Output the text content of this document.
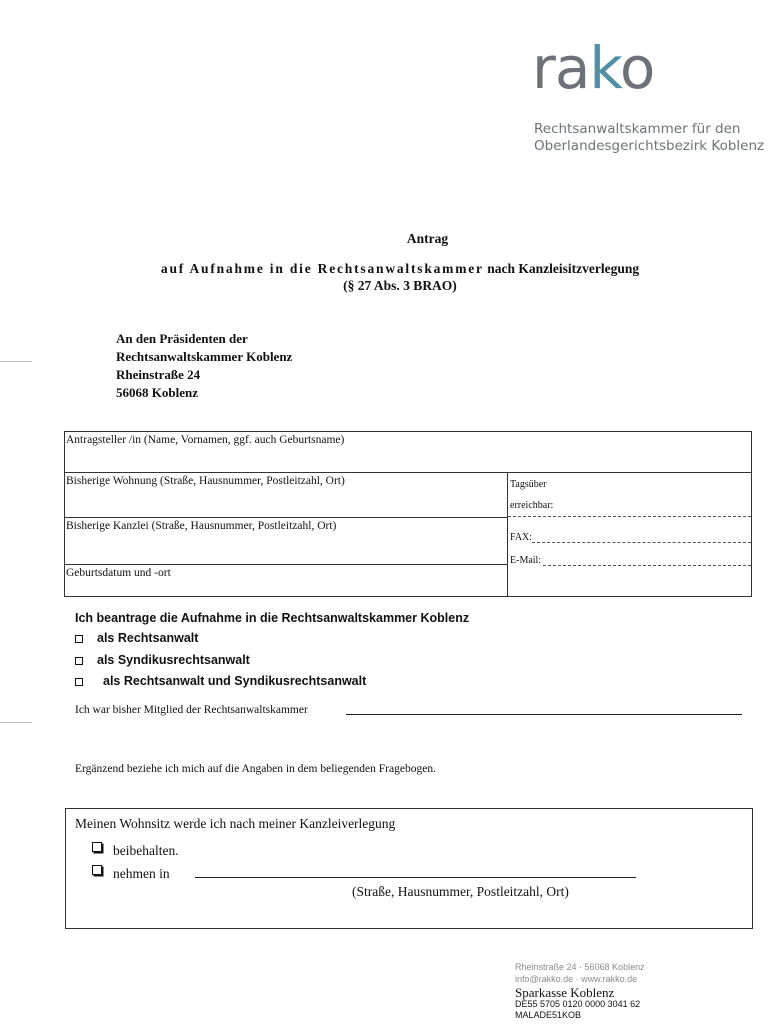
rako
Rechtsanwaltskammer für den
Oberlandesgerichtsbezirk Koblenz
Antrag
auf Aufnahme in die Rechtsanwaltskammer nach Kanzleisitzverlegung
(§ 27 Abs. 3 BRAO)
An den Präsidenten der
Rechtsanwaltskammer Koblenz
Rheinstraße 24
56068 Koblenz
Antragsteller /in (Name, Vornamen, ggf. auch Geburtsname)
Bisherige Wohnung (Straße, Hausnummer, Postleitzahl, Ort)
Bisherige Kanzlei (Straße, Hausnummer, Postleitzahl, Ort)
Geburtsdatum und -ort
Tagsüber
erreichbar:
FAX:
E-Mail:
Ich beantrage die Aufnahme in die Rechtsanwaltskammer Koblenz
als Rechtsanwalt
als Syndikusrechtsanwalt
als Rechtsanwalt und Syndikusrechtsanwalt
Ich war bisher Mitglied der Rechtsanwaltskammer
Ergänzend beziehe ich mich auf die Angaben in dem beliegenden Fragebogen.
Meinen Wohnsitz werde ich nach meiner Kanzleiverlegung
beibehalten.
nehmen in
(Straße, Hausnummer, Postleitzahl, Ort)
Rheinstraße 24 · 56068 Koblenz
info@rakko.de · www.rakko.de
Sparkasse Koblenz
DE55 5705 0120 0000 3041 62
MALADE51KOB
